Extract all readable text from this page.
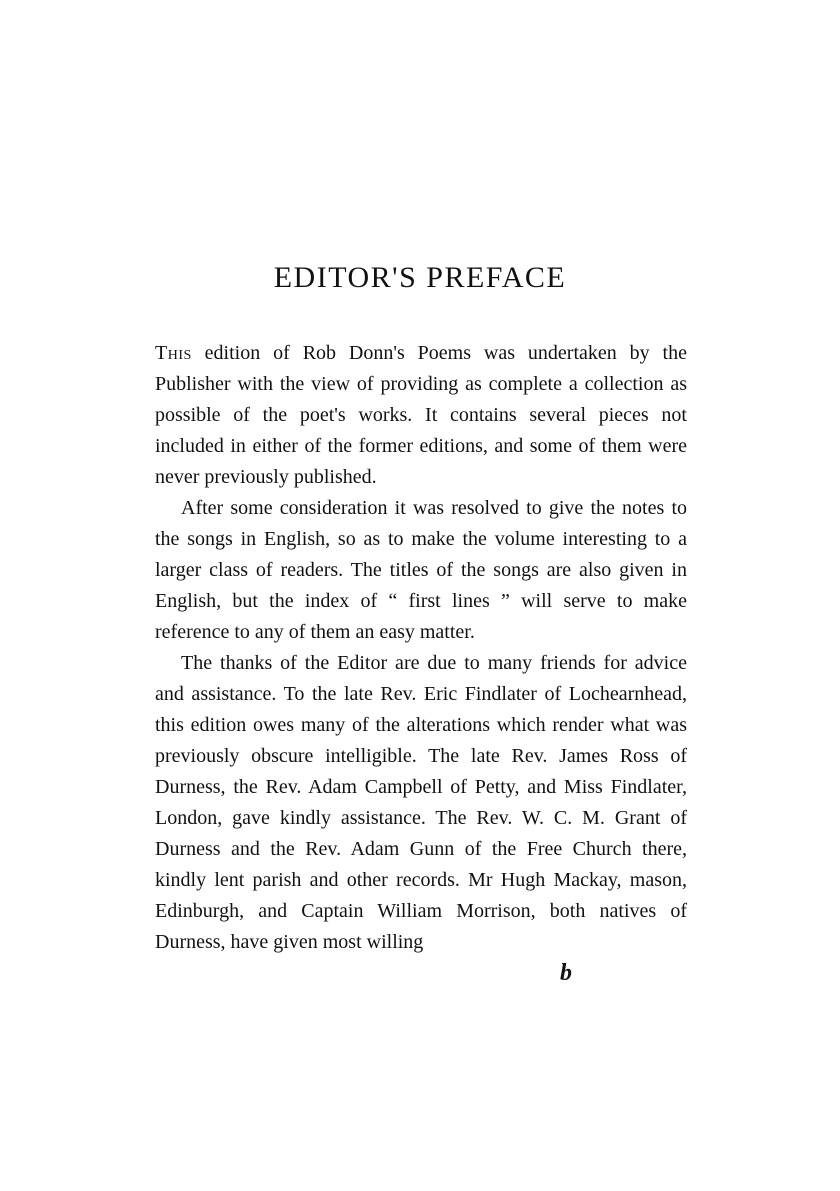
EDITOR'S PREFACE

This edition of Rob Donn's Poems was undertaken by the Publisher with the view of providing as complete a collection as possible of the poet's works. It contains several pieces not included in either of the former editions, and some of them were never previously published.

After some consideration it was resolved to give the notes to the songs in English, so as to make the volume interesting to a larger class of readers. The titles of the songs are also given in English, but the index of “ first lines ” will serve to make reference to any of them an easy matter.

The thanks of the Editor are due to many friends for advice and assistance. To the late Rev. Eric Findlater of Lochearnhead, this edition owes many of the alterations which render what was previously obscure intelligible. The late Rev. James Ross of Durness, the Rev. Adam Campbell of Petty, and Miss Findlater, London, gave kindly assistance. The Rev. W. C. M. Grant of Durness and the Rev. Adam Gunn of the Free Church there, kindly lent parish and other records. Mr Hugh Mackay, mason, Edinburgh, and Captain William Morrison, both natives of Durness, have given most willing

b
